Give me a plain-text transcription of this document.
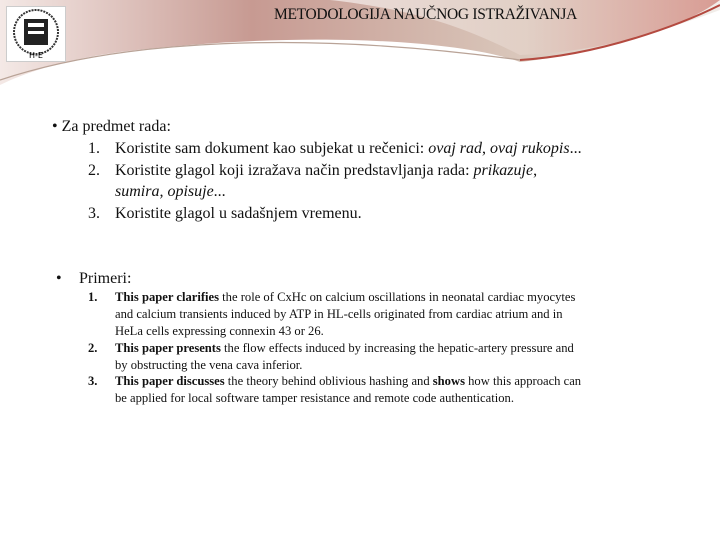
H-E
METODOLOGIJA NAUČNOG ISTRAŽIVANJA
• Za predmet rada:
1. Koristite sam dokument kao subjekat u rečenici: ovaj rad, ovaj rukopis...
2. Koristite glagol koji izražava način predstavljanja rada: prikazuje,
sumira, opisuje...
3. Koristite glagol u sadašnjem vremenu.
• Primeri:
1. This paper clarifies the role of CxHc on calcium oscillations in neonatal cardiac myocytes
and calcium transients induced by ATP in HL-cells originated from cardiac atrium and in
HeLa cells expressing connexin 43 or 26.
2. This paper presents the flow effects induced by increasing the hepatic-artery pressure and
by obstructing the vena cava inferior.
3. This paper discusses the theory behind oblivious hashing and shows how this approach can
be applied for local software tamper resistance and remote code authentication.
